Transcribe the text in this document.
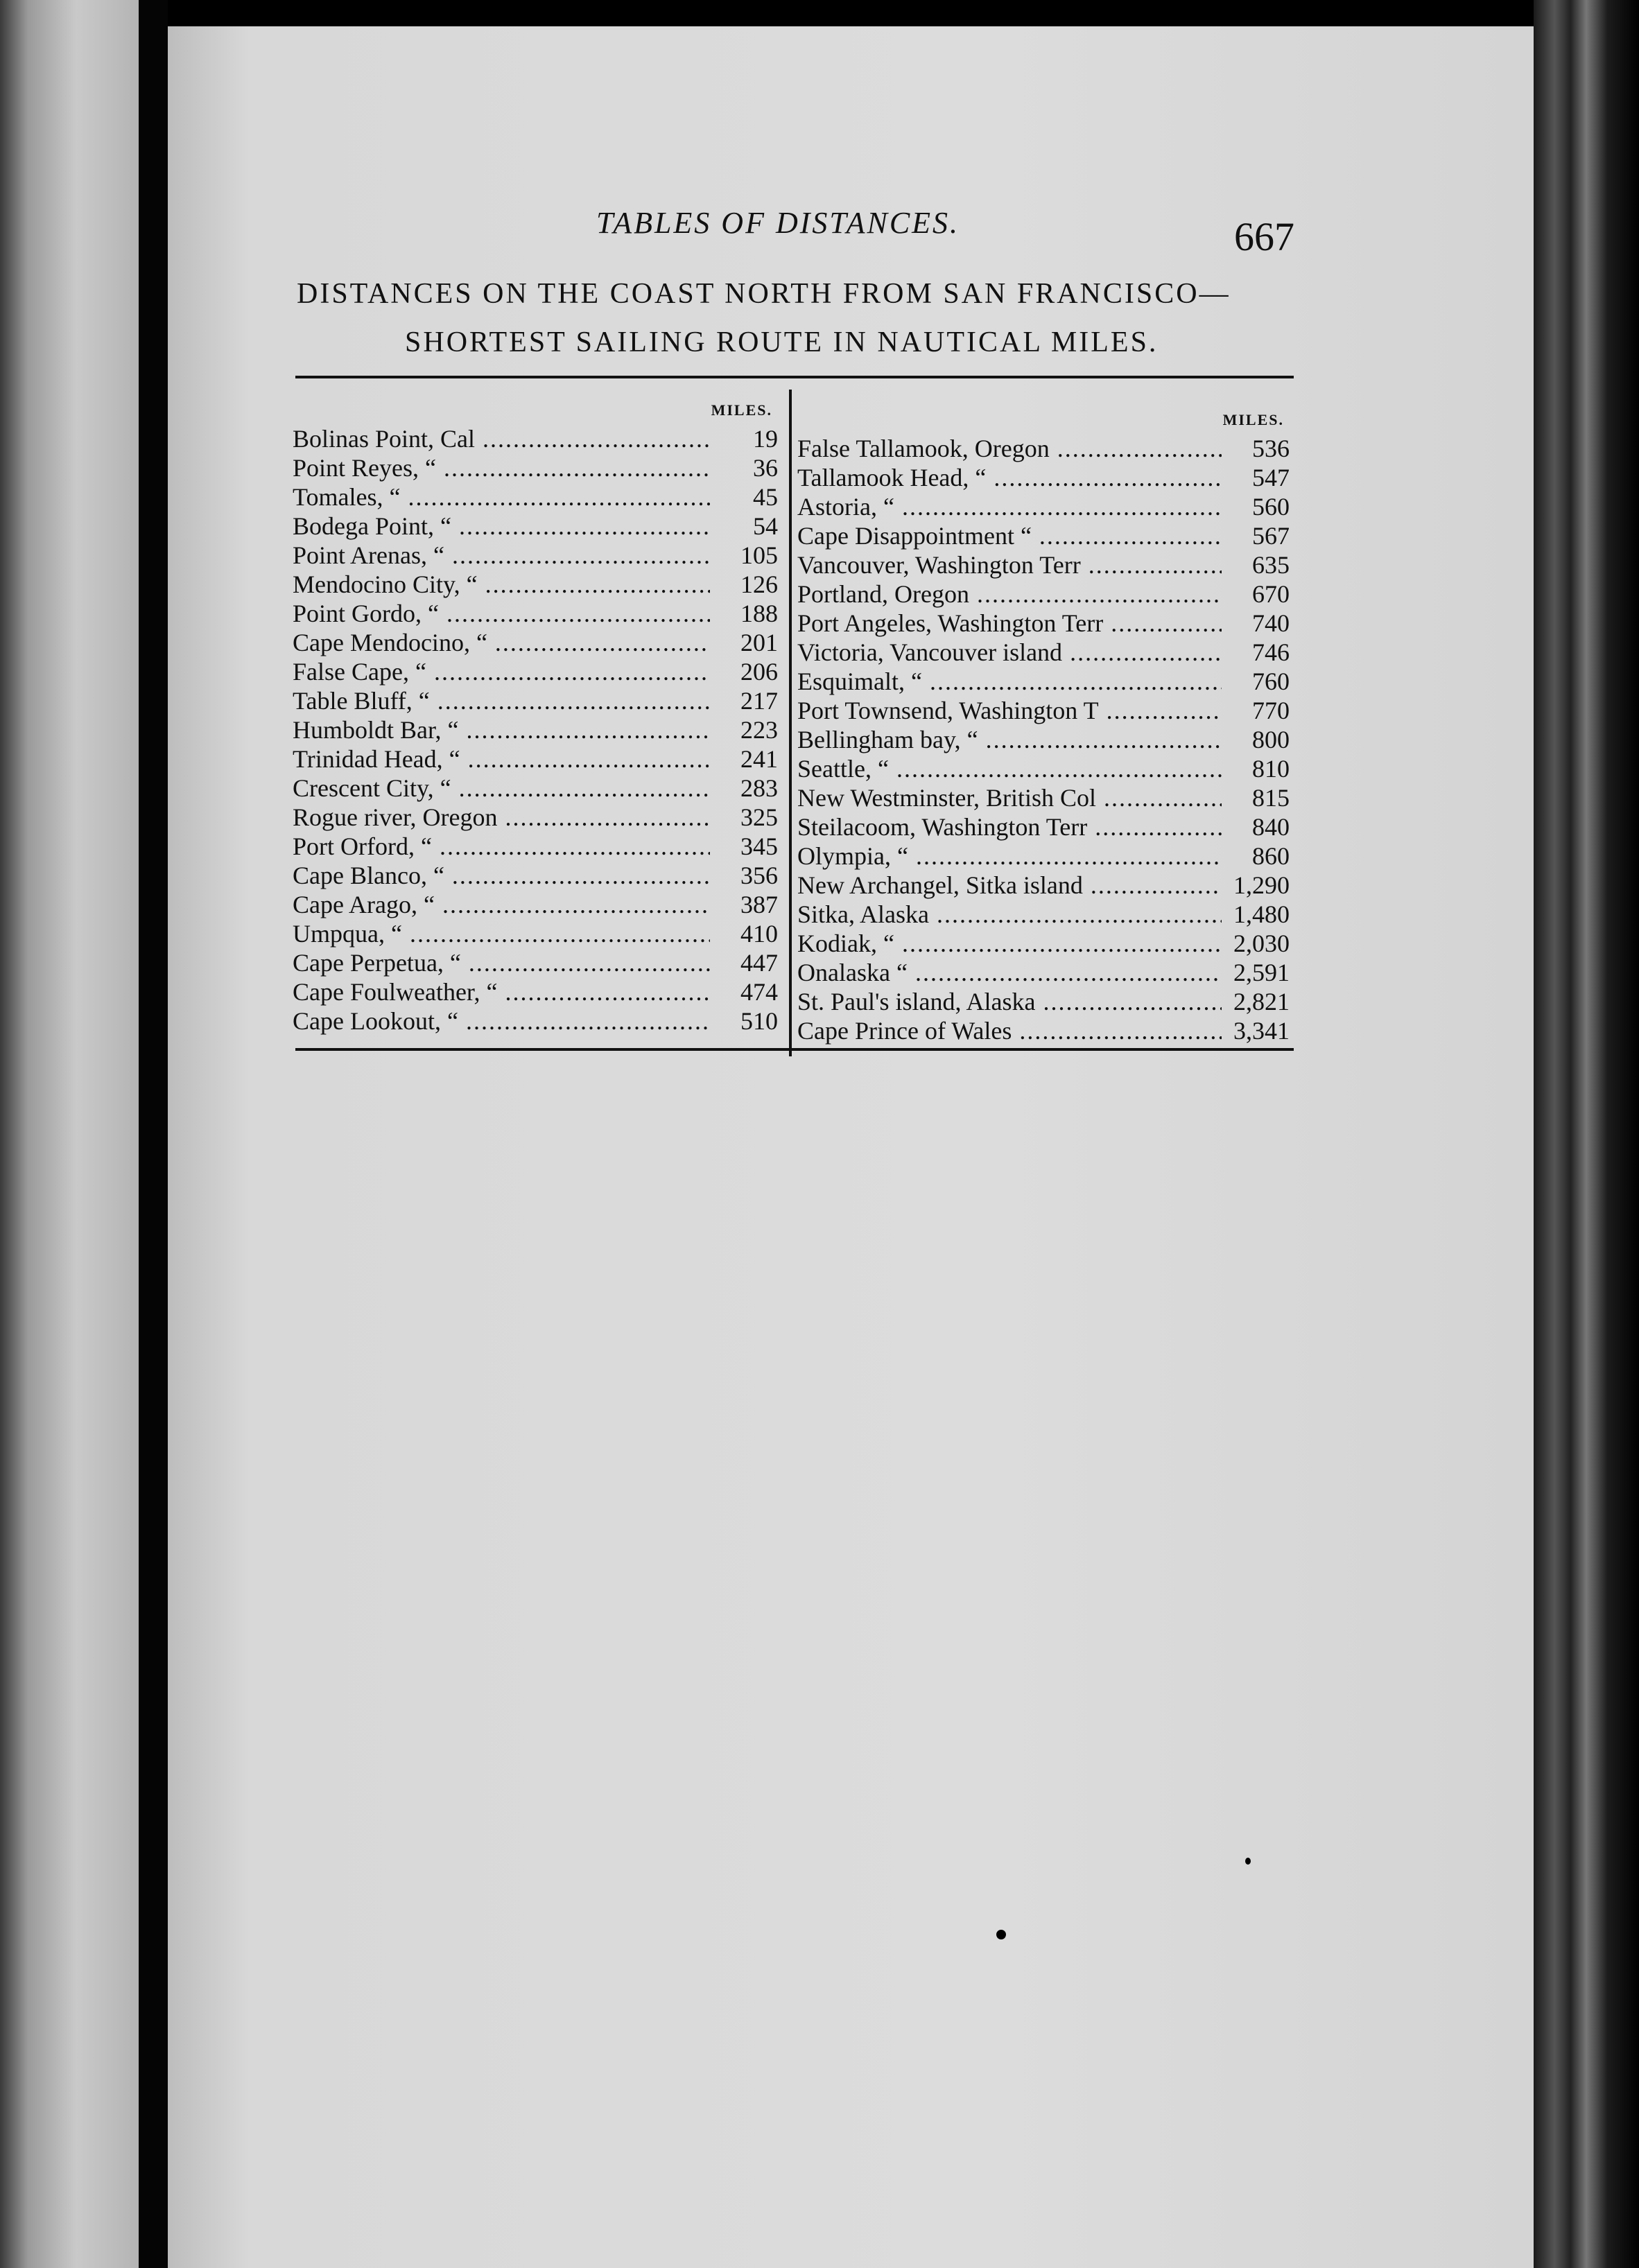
TABLES OF DISTANCES.	667
DISTANCES ON THE COAST NORTH FROM SAN FRANCISCO—
SHORTEST SAILING ROUTE IN NAUTICAL MILES.
MILES.
Bolinas Point, Cal .....	19
Point Reyes, “ .....	36
Tomales, “ .....	45
Bodega Point, “ .....	54
Point Arenas, “ .....	105
Mendocino City, “ .....	126
Point Gordo, “ .....	188
Cape Mendocino, “ .....	201
False Cape, “ .....	206
Table Bluff, “ .....	217
Humboldt Bar, “ .....	223
Trinidad Head, “ .....	241
Crescent City, “ .....	283
Rogue river, Oregon .....	325
Port Orford, “ .....	345
Cape Blanco, “ .....	356
Cape Arago, “ .....	387
Umpqua, “ .....	410
Cape Perpetua, “ .....	447
Cape Foulweather, “ .....	474
Cape Lookout, “ .....	510
MILES.
False Tallamook, Oregon .....	536
Tallamook Head, “ .....	547
Astoria, “ .....	560
Cape Disappointment “ .....	567
Vancouver, Washington Terr .....	635
Portland, Oregon .....	670
Port Angeles, Washington Terr .....	740
Victoria, Vancouver island .....	746
Esquimalt, “ .....	760
Port Townsend, Washington T .....	770
Bellingham bay, “ .....	800
Seattle, “ .....	810
New Westminster, British Col .....	815
Steilacoom, Washington Terr .....	840
Olympia, “ .....	860
New Archangel, Sitka island .....	1,290
Sitka, Alaska .....	1,480
Kodiak, “ .....	2,030
Onalaska “ .....	2,591
St. Paul's island, Alaska .....	2,821
Cape Prince of Wales .....	3,341
